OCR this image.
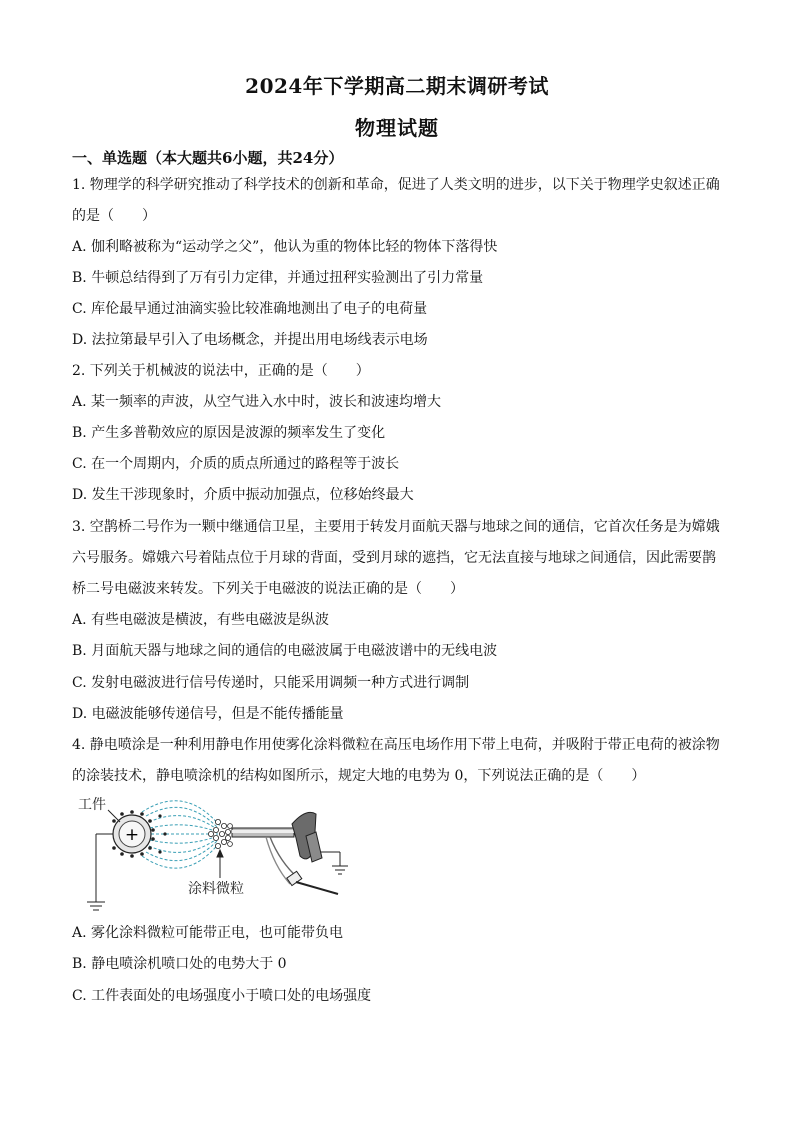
2024年下学期高二期末调研考试
物理试题
一、单选题（本大题共6小题，共24分）
1. 物理学的科学研究推动了科学技术的创新和革命，促进了人类文明的进步，以下关于物理学史叙述正确
的是（　　）
A. 伽利略被称为“运动学之父”，他认为重的物体比轻的物体下落得快
B. 牛顿总结得到了万有引力定律，并通过扭秤实验测出了引力常量
C. 库伦最早通过油滴实验比较准确地测出了电子的电荷量
D. 法拉第最早引入了电场概念，并提出用电场线表示电场
2. 下列关于机械波的说法中，正确的是（　　）
A. 某一频率的声波，从空气进入水中时，波长和波速均增大
B. 产生多普勒效应的原因是波源的频率发生了变化
C. 在一个周期内，介质的质点所通过的路程等于波长
D. 发生干涉现象时，介质中振动加强点，位移始终最大
3. 空鹊桥二号作为一颗中继通信卫星，主要用于转发月面航天器与地球之间的通信，它首次任务是为嫦娥
六号服务。嫦娥六号着陆点位于月球的背面，受到月球的遮挡，它无法直接与地球之间通信，因此需要鹊
桥二号电磁波来转发。下列关于电磁波的说法正确的是（　　）
A. 有些电磁波是横波，有些电磁波是纵波
B. 月面航天器与地球之间的通信的电磁波属于电磁波谱中的无线电波
C. 发射电磁波进行信号传递时，只能采用调频一种方式进行调制
D. 电磁波能够传递信号，但是不能传播能量
4. 静电喷涂是一种利用静电作用使雾化涂料微粒在高压电场作用下带上电荷，并吸附于带正电荷的被涂物
的涂装技术，静电喷涂机的结构如图所示，规定大地的电势为 0，下列说法正确的是（　　）
+
工件
涂料微粒
A. 雾化涂料微粒可能带正电，也可能带负电
B. 静电喷涂机喷口处的电势大于 0
C. 工件表面处的电场强度小于喷口处的电场强度
